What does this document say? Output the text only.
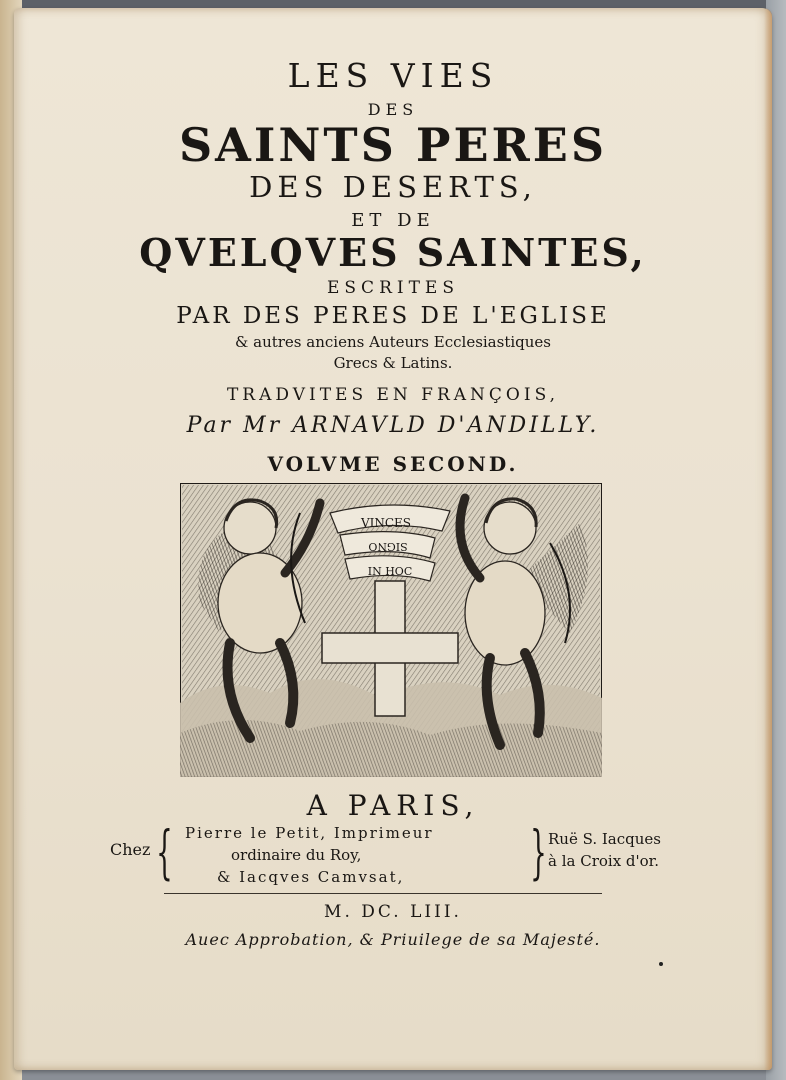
LES VIES

DES

SAINTS PERES

DES DESERTS,

ET DE

QVELQVES SAINTES,

ESCRITES

PAR DES PERES DE L'EGLISE

& autres anciens Auteurs Ecclesiastiques

Grecs & Latins.

TRADVITES EN FRANÇOIS,

Par Mr ARNAVLD D'ANDILLY.

VOLVME SECOND.

VINCES
SIGNO
IN HOC

A PARIS,

Chez { Pierre le Petit, Imprimeur
ordinaire du Roy,
& Iacqves Camvsat, } Ruë S. Iacques
à la Croix d'or.

M. DC. LIII.

Auec Approbation, & Priuilege de sa Majesté.
